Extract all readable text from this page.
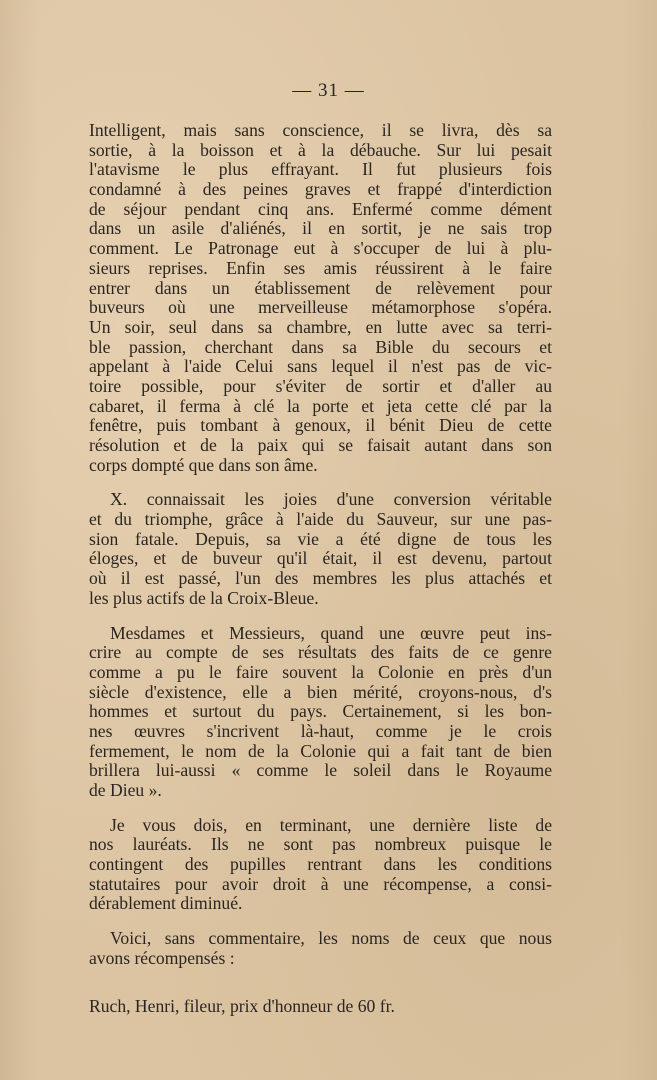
— 31 —
Intelligent, mais sans conscience, il se livra, dès sa
sortie, à la boisson et à la débauche. Sur lui pesait
l'atavisme le plus effrayant. Il fut plusieurs fois
condamné à des peines graves et frappé d'interdiction
de séjour pendant cinq ans. Enfermé comme dément
dans un asile d'aliénés, il en sortit, je ne sais trop
comment. Le Patronage eut à s'occuper de lui à plu-
sieurs reprises. Enfin ses amis réussirent à le faire
entrer dans un établissement de relèvement pour
buveurs où une merveilleuse métamorphose s'opéra.
Un soir, seul dans sa chambre, en lutte avec sa terri-
ble passion, cherchant dans sa Bible du secours et
appelant à l'aide Celui sans lequel il n'est pas de vic-
toire possible, pour s'éviter de sortir et d'aller au
cabaret, il ferma à clé la porte et jeta cette clé par la
fenêtre, puis tombant à genoux, il bénit Dieu de cette
résolution et de la paix qui se faisait autant dans son
corps dompté que dans son âme.
X. connaissait les joies d'une conversion véritable
et du triomphe, grâce à l'aide du Sauveur, sur une pas-
sion fatale. Depuis, sa vie a été digne de tous les
éloges, et de buveur qu'il était, il est devenu, partout
où il est passé, l'un des membres les plus attachés et
les plus actifs de la Croix-Bleue.
Mesdames et Messieurs, quand une œuvre peut ins-
crire au compte de ses résultats des faits de ce genre
comme a pu le faire souvent la Colonie en près d'un
siècle d'existence, elle a bien mérité, croyons-nous, d's
hommes et surtout du pays. Certainement, si les bon-
nes œuvres s'incrivent là-haut, comme je le crois
fermement, le nom de la Colonie qui a fait tant de bien
brillera lui-aussi « comme le soleil dans le Royaume
de Dieu ».
Je vous dois, en terminant, une dernière liste de
nos lauréats. Ils ne sont pas nombreux puisque le
contingent des pupilles rentrant dans les conditions
statutaires pour avoir droit à une récompense, a consi-
dérablement diminué.
Voici, sans commentaire, les noms de ceux que nous
avons récompensés :
Ruch, Henri, fileur, prix d'honneur de 60 fr.
